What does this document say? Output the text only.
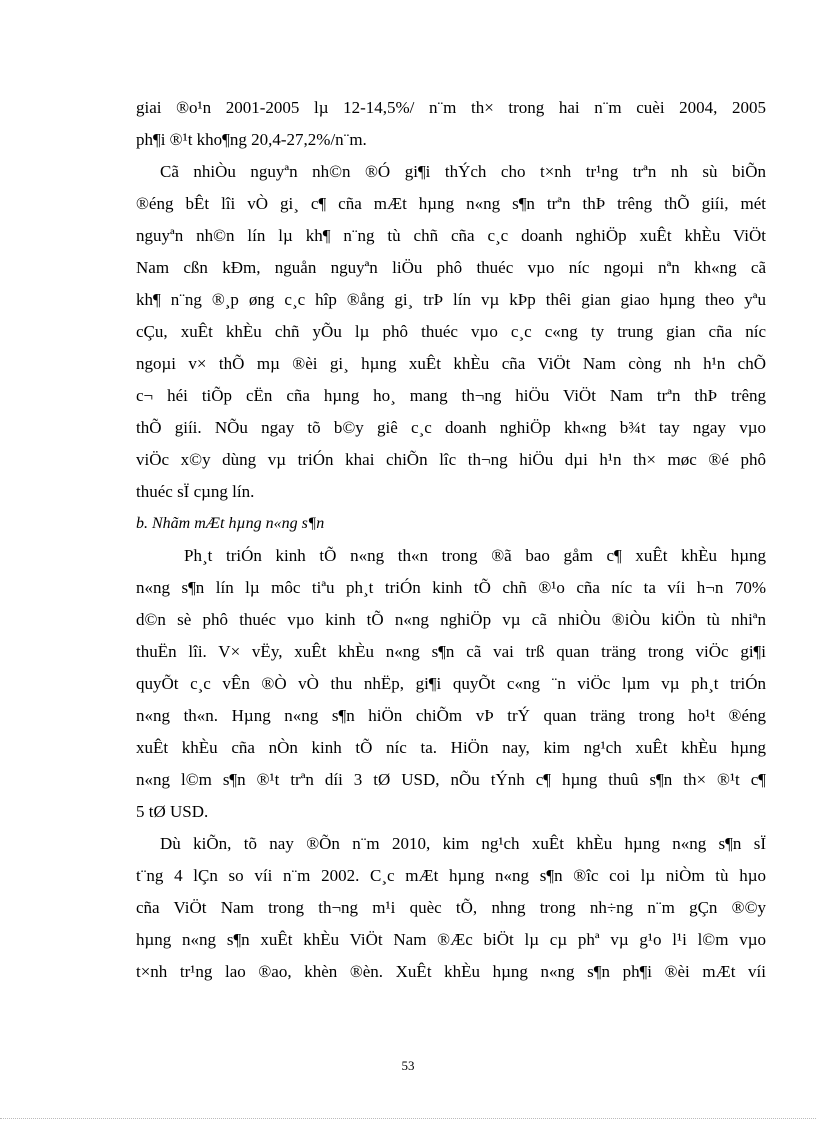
giai ®o¹n 2001-2005 lµ 12-14,5%/ n¨m th× trong hai n¨m cuèi 2004, 2005
ph¶i ®¹t kho¶ng 20,4-27,2%/n¨m.
Cã nhiÒu nguyªn nh©n ®Ó gi¶i thÝch cho t×nh tr¹ng trªn nh sù biÕn
®éng bÊt lîi vÒ gi¸ c¶ cña mÆt hµng n«ng s¶n trªn thÞ trêng thÕ giíi, mét
nguyªn nh©n lín lµ kh¶ n¨ng tù chñ cña c¸c doanh nghiÖp xuÊt khÈu ViÖt
Nam cßn kÐm, nguån nguyªn liÖu phô thuéc vµo níc ngoµi nªn kh«ng cã
kh¶ n¨ng ®¸p øng c¸c hîp ®ång gi¸ trÞ lín vµ kÞp thêi gian giao hµng theo yªu
cÇu, xuÊt khÈu chñ yÕu lµ phô thuéc vµo c¸c c«ng ty trung gian cña níc
ngoµi v× thÕ mµ ®èi gi¸ hµng xuÊt khÈu cña ViÖt Nam còng nh h¹n chÕ
c¬ héi tiÕp cËn cña hµng ho¸ mang th¬ng hiÖu ViÖt Nam trªn thÞ trêng
thÕ giíi. NÕu ngay tõ b©y giê c¸c doanh nghiÖp kh«ng b¾t tay ngay vµo
viÖc x©y dùng vµ triÓn khai chiÕn lîc th¬ng hiÖu dµi h¹n th× møc ®é phô
thuéc sÏ cµng lín.
b. Nhãm mÆt hµng n«ng s¶n
Ph¸t triÓn kinh tÕ n«ng th«n trong ®ã bao gåm c¶ xuÊt khÈu hµng
n«ng s¶n lín lµ môc tiªu ph¸t triÓn kinh tÕ chñ ®¹o cña níc ta víi h¬n 70%
d©n sè phô thuéc vµo kinh tÕ n«ng nghiÖp vµ cã nhiÒu ®iÒu kiÖn tù nhiªn
thuËn lîi. V× vËy, xuÊt khÈu n«ng s¶n cã vai trß quan träng trong viÖc gi¶i
quyÕt c¸c vÊn ®Ò vÒ thu nhËp, gi¶i quyÕt c«ng ¨n viÖc lµm vµ ph¸t triÓn
n«ng th«n. Hµng n«ng s¶n hiÖn chiÕm vÞ trÝ quan träng trong ho¹t ®éng
xuÊt khÈu cña nÒn kinh tÕ níc ta. HiÖn nay, kim ng¹ch xuÊt khÈu hµng
n«ng l©m s¶n ®¹t trªn díi 3 tØ USD, nÕu tÝnh c¶ hµng thuû s¶n th× ®¹t c¶
5 tØ USD.
Dù kiÕn, tõ nay ®Õn n¨m 2010, kim ng¹ch xuÊt khÈu hµng n«ng s¶n sÏ
t¨ng 4 lÇn so víi n¨m 2002. C¸c mÆt hµng n«ng s¶n ®îc coi lµ niÒm tù hµo
cña ViÖt Nam trong th¬ng m¹i quèc tÕ, nhng trong nh÷ng n¨m gÇn ®©y
hµng n«ng s¶n xuÊt khÈu ViÖt Nam ®Æc biÖt lµ cµ phª vµ g¹o l¹i l©m vµo
t×nh tr¹ng lao ®ao, khèn ®èn. XuÊt khÈu hµng n«ng s¶n ph¶i ®èi mÆt víi
53
